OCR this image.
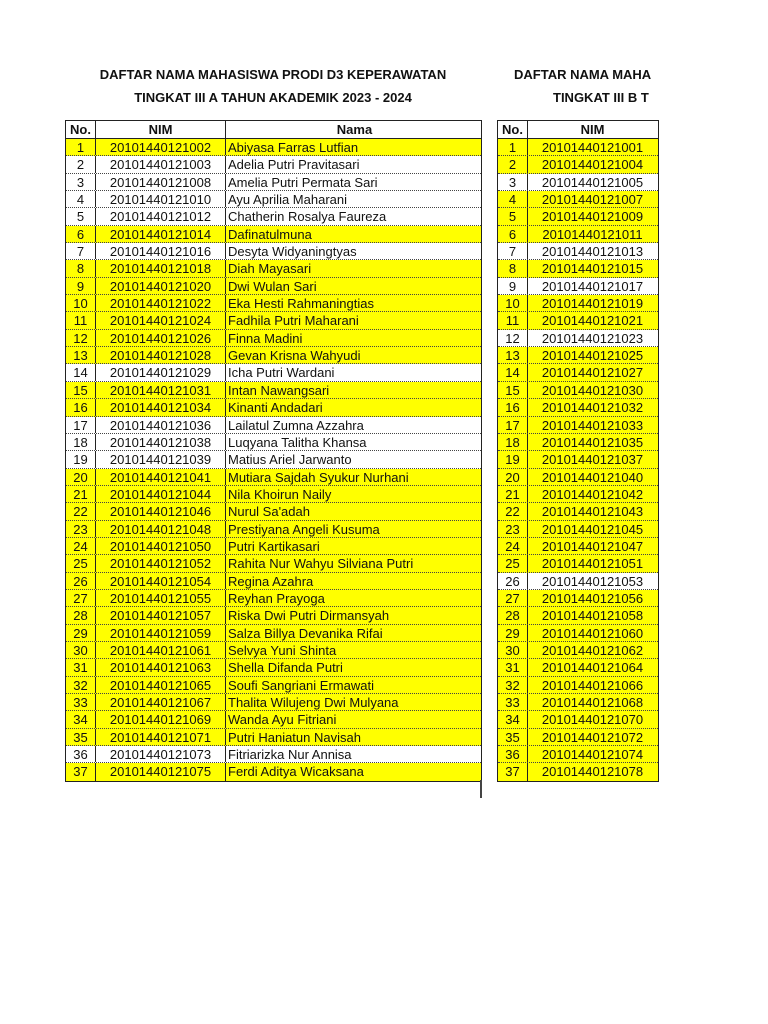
DAFTAR NAMA MAHASISWA PRODI D3 KEPERAWATAN
TINGKAT III A TAHUN AKADEMIK 2023 - 2024
DAFTAR NAMA MAHA
TINGKAT III B T
No.	NIM	Nama
1	20101440121002	Abiyasa Farras Lutfian
2	20101440121003	Adelia Putri Pravitasari
3	20101440121008	Amelia Putri Permata Sari
4	20101440121010	Ayu Aprilia Maharani
5	20101440121012	Chatherin Rosalya Faureza
6	20101440121014	Dafinatulmuna
7	20101440121016	Desyta Widyaningtyas
8	20101440121018	Diah Mayasari
9	20101440121020	Dwi Wulan Sari
10	20101440121022	Eka Hesti Rahmaningtias
11	20101440121024	Fadhila Putri Maharani
12	20101440121026	Finna Madini
13	20101440121028	Gevan Krisna Wahyudi
14	20101440121029	Icha Putri Wardani
15	20101440121031	Intan Nawangsari
16	20101440121034	Kinanti Andadari
17	20101440121036	Lailatul Zumna Azzahra
18	20101440121038	Luqyana Talitha Khansa
19	20101440121039	Matius Ariel Jarwanto
20	20101440121041	Mutiara Sajdah Syukur Nurhani
21	20101440121044	Nila Khoirun Naily
22	20101440121046	Nurul Sa'adah
23	20101440121048	Prestiyana Angeli Kusuma
24	20101440121050	Putri Kartikasari
25	20101440121052	Rahita Nur Wahyu Silviana Putri
26	20101440121054	Regina Azahra
27	20101440121055	Reyhan Prayoga
28	20101440121057	Riska Dwi Putri Dirmansyah
29	20101440121059	Salza Billya Devanika Rifai
30	20101440121061	Selvya Yuni Shinta
31	20101440121063	Shella Difanda Putri
32	20101440121065	Soufi Sangriani Ermawati
33	20101440121067	Thalita Wilujeng Dwi Mulyana
34	20101440121069	Wanda Ayu Fitriani
35	20101440121071	Putri Haniatun Navisah
36	20101440121073	Fitriarizka Nur Annisa
37	20101440121075	Ferdi Aditya Wicaksana
No.	NIM
1	20101440121001
2	20101440121004
3	20101440121005
4	20101440121007
5	20101440121009
6	20101440121011
7	20101440121013
8	20101440121015
9	20101440121017
10	20101440121019
11	20101440121021
12	20101440121023
13	20101440121025
14	20101440121027
15	20101440121030
16	20101440121032
17	20101440121033
18	20101440121035
19	20101440121037
20	20101440121040
21	20101440121042
22	20101440121043
23	20101440121045
24	20101440121047
25	20101440121051
26	20101440121053
27	20101440121056
28	20101440121058
29	20101440121060
30	20101440121062
31	20101440121064
32	20101440121066
33	20101440121068
34	20101440121070
35	20101440121072
36	20101440121074
37	20101440121078
